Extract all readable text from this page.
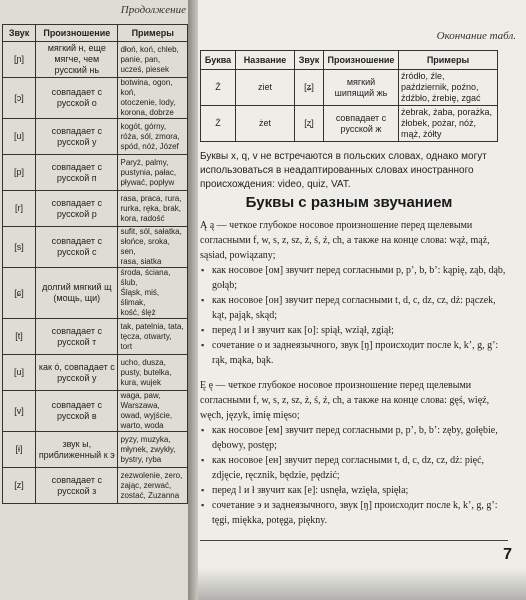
Продолжение
Звук	Произношение	Примеры
[ɲ]	мягкий н, еще мягче, чем русский нь	dłoń, koń, chleb,
panie, pan,
ucześ, piesek
[ɔ]	совпадает с русской о	botwina, ogon, koń,
otoczenie, lody,
korona, dobrze
[u]	совпадает с русской у	kogót, górny,
róża, sól, zmora,
spód, nóż, Józef
[p]	совпадает с русской п	Paryż, palmy,
pustynia, pałac,
pływać, popływ
[r]	совпадает с русской р	rasa, praca, rura,
rurka, ręka, brak,
kora, radość
[s]	совпадает с русской с	sufit, sól, sałatka,
słońce, sroka, sen,
rasa, siatka
[ɕ]	долгий мягкий щ (мощь, щи)	środa, ściana, ślub,
Śląsk, miś, ślimak,
kość, ślęż
[t]	совпадает с русской т	tak, patelnia, tata,
tęcza, otwarty,
tort
[u]	как ó, совпадает с русской у	ucho, dusza,
pusty, butelka,
kura, wujek
[v]	совпадает с русской в	waga, paw, Warszawa,
owad, wyjście,
warto, woda
[ɨ]	звук ы, приближенный к э	pyzy, muzyka,
młynek, zwykły,
bystry, ryba
[z]	совпадает с русской з	zezwolenie, zero,
zając, zerwać,
zostać, Zuzanna
Окончание табл.
Буква	Название	Звук	Произношение	Примеры
Ź	ziet	[ʑ]	мягкий шипящий жь	źródło, źle,
październik, poźno,
źdźbło, źrebię, zgać
Ż	żet	[ʐ]	совпадает с русской ж	żebrak, żaba, porażka,
żłobek, pożar, nóż,
mąż, żółty
Буквы x, q, v не встречаются в польских словах, однако могут использоваться в неадаптированных словах иностранного происхождения: video, quiz, VAT.
Буквы с разным звучанием

Ą ą — четкое глубокое носовое произношение перед щелевыми согласными f, w, s, z, sz, ż, ś, ź, ch, а также на конце слова: wąż, mąż, sąsiad, powiązany;

▪ как носовое [ом] звучит перед согласными p, p’, b, b’: kąpię, ząb, dąb, gołąb;
▪ как носовое [он] звучит перед согласными t, d, c, dz, cz, dż: pączek, kąt, pająk, skąd;
▪ перед l и ł звучит как [o]: spiął, wziął, zgiął;
▪ сочетание о и заднеязычного, звук [ŋ] происходит после k, k’, g, g’: rąk, mąka, bąk.

Ę ę — четкое глубокое носовое произношение перед щелевыми согласными f, w, s, z, sz, ż, ś, ź, ch, а также на конце слова: gęś, więź, węch, język, imię mięso;

▪ как носовое [ем] звучит перед согласными p, p’, b, b’: zęby, gołębie, dębowy, postęp;
▪ как носовое [ен] звучит перед согласными t, d, c, dz, cz, dż: pięć, zdjęcie, ręcznik, będzie, pędzić;
▪ перед l и ł звучит как [e]: usnęła, wzięła, spięła;
▪ сочетание э и заднеязычного, звук [ŋ] происходит после k, k’, g, g’: tęgi, miękka, potęga, piękny.
7
